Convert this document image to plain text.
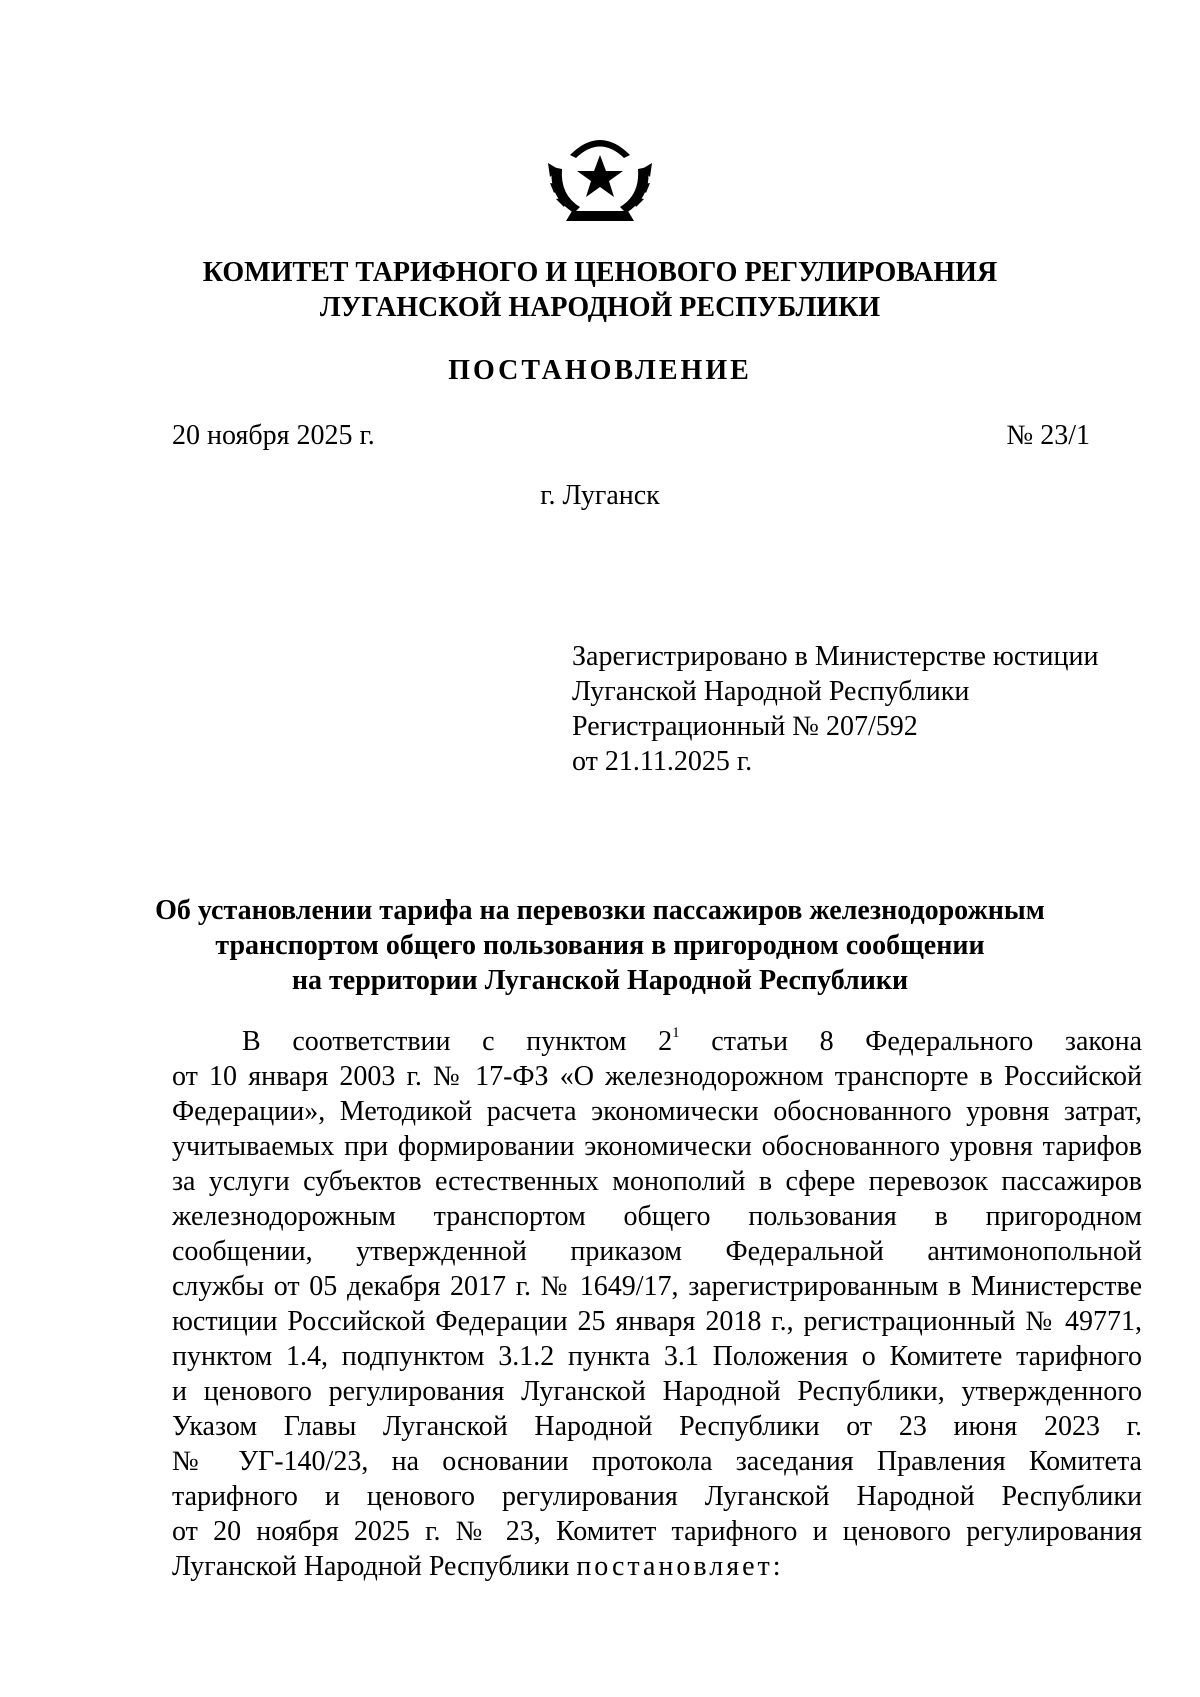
КОМИТЕТ ТАРИФНОГО И ЦЕНОВОГО РЕГУЛИРОВАНИЯ
ЛУГАНСКОЙ НАРОДНОЙ РЕСПУБЛИКИ
ПОСТАНОВЛЕНИЕ
20 ноября 2025 г.	№ 23/1
г. Луганск
Зарегистрировано в Министерстве юстиции
Луганской Народной Республики
Регистрационный № 207/592
от 21.11.2025 г.
Об установлении тарифа на перевозки пассажиров железнодорожным
транспортом общего пользования в пригородном сообщении
на территории Луганской Народной Республики
В соответствии с пунктом $2^1$ статьи 8 Федерального закона
от 10 января 2003 г. № 17-ФЗ «О железнодорожном транспорте в Российской
Федерации», Методикой расчета экономически обоснованного уровня затрат,
учитываемых при формировании экономически обоснованного уровня тарифов
за услуги субъектов естественных монополий в сфере перевозок пассажиров
железнодорожным транспортом общего пользования в пригородном
сообщении, утвержденной приказом Федеральной антимонопольной
службы от 05 декабря 2017 г. № 1649/17, зарегистрированным в Министерстве
юстиции Российской Федерации 25 января 2018 г., регистрационный № 49771,
пунктом 1.4, подпунктом 3.1.2 пункта 3.1 Положения о Комитете тарифного
и ценового регулирования Луганской Народной Республики, утвержденного
Указом Главы Луганской Народной Республики от 23 июня 2023 г.
№ УГ-140/23, на основании протокола заседания Правления Комитета
тарифного и ценового регулирования Луганской Народной Республики
от 20 ноября 2025 г. № 23, Комитет тарифного и ценового регулирования
Луганской Народной Республики постановляет:
